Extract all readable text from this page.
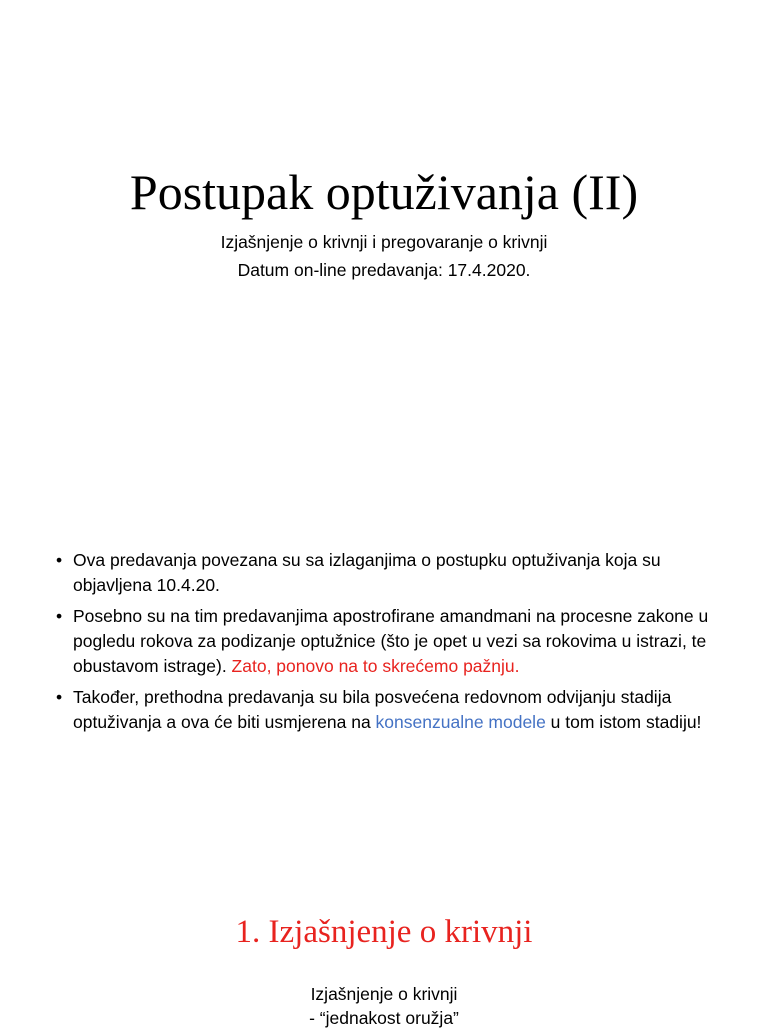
Postupak optuživanja (II)
Izjašnjenje o krivnji i pregovaranje o krivnji
Datum on-line predavanja: 17.4.2020.
• Ova predavanja povezana su sa izlaganjima o postupku optuživanja koja su objavljena 10.4.20.
• Posebno su na tim predavanjima apostrofirane amandmani na procesne zakone u pogledu rokova za podizanje optužnice (što je opet u vezi sa rokovima u istrazi, te obustavom istrage). Zato, ponovo na to skrećemo pažnju.
• Također, prethodna predavanja su bila posvećena redovnom odvijanju stadija optuživanja a ova će biti usmjerena na konsenzualne modele u tom istom stadiju!
1. Izjašnjenje o krivnji
Izjašnjenje o krivnji
- “jednakost oružja”
